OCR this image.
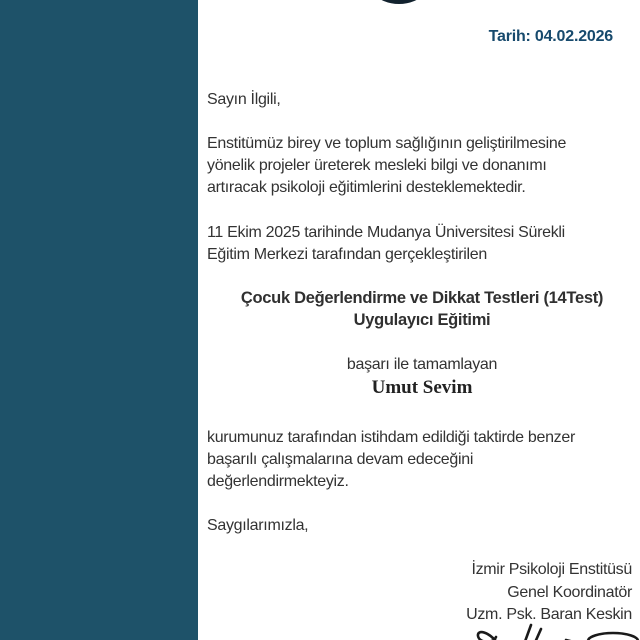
Tarih: 04.02.2026
Sayın İlgili,
Enstitümüz birey ve toplum sağlığının geliştirilmesine
yönelik projeler üreterek mesleki bilgi ve donanımı
artıracak psikoloji eğitimlerini desteklemektedir.
11 Ekim 2025 tarihinde Mudanya Üniversitesi Sürekli
Eğitim Merkezi tarafından gerçekleştirilen
Çocuk Değerlendirme ve Dikkat Testleri (14Test)
Uygulayıcı Eğitimi
başarı ile tamamlayan
Umut Sevim
kurumunuz tarafından istihdam edildiği taktirde benzer
başarılı çalışmalarına devam edeceğini
değerlendirmekteyiz.
Saygılarımızla,
İzmir Psikoloji Enstitüsü
Genel Koordinatör
Uzm. Psk. Baran Keskin
